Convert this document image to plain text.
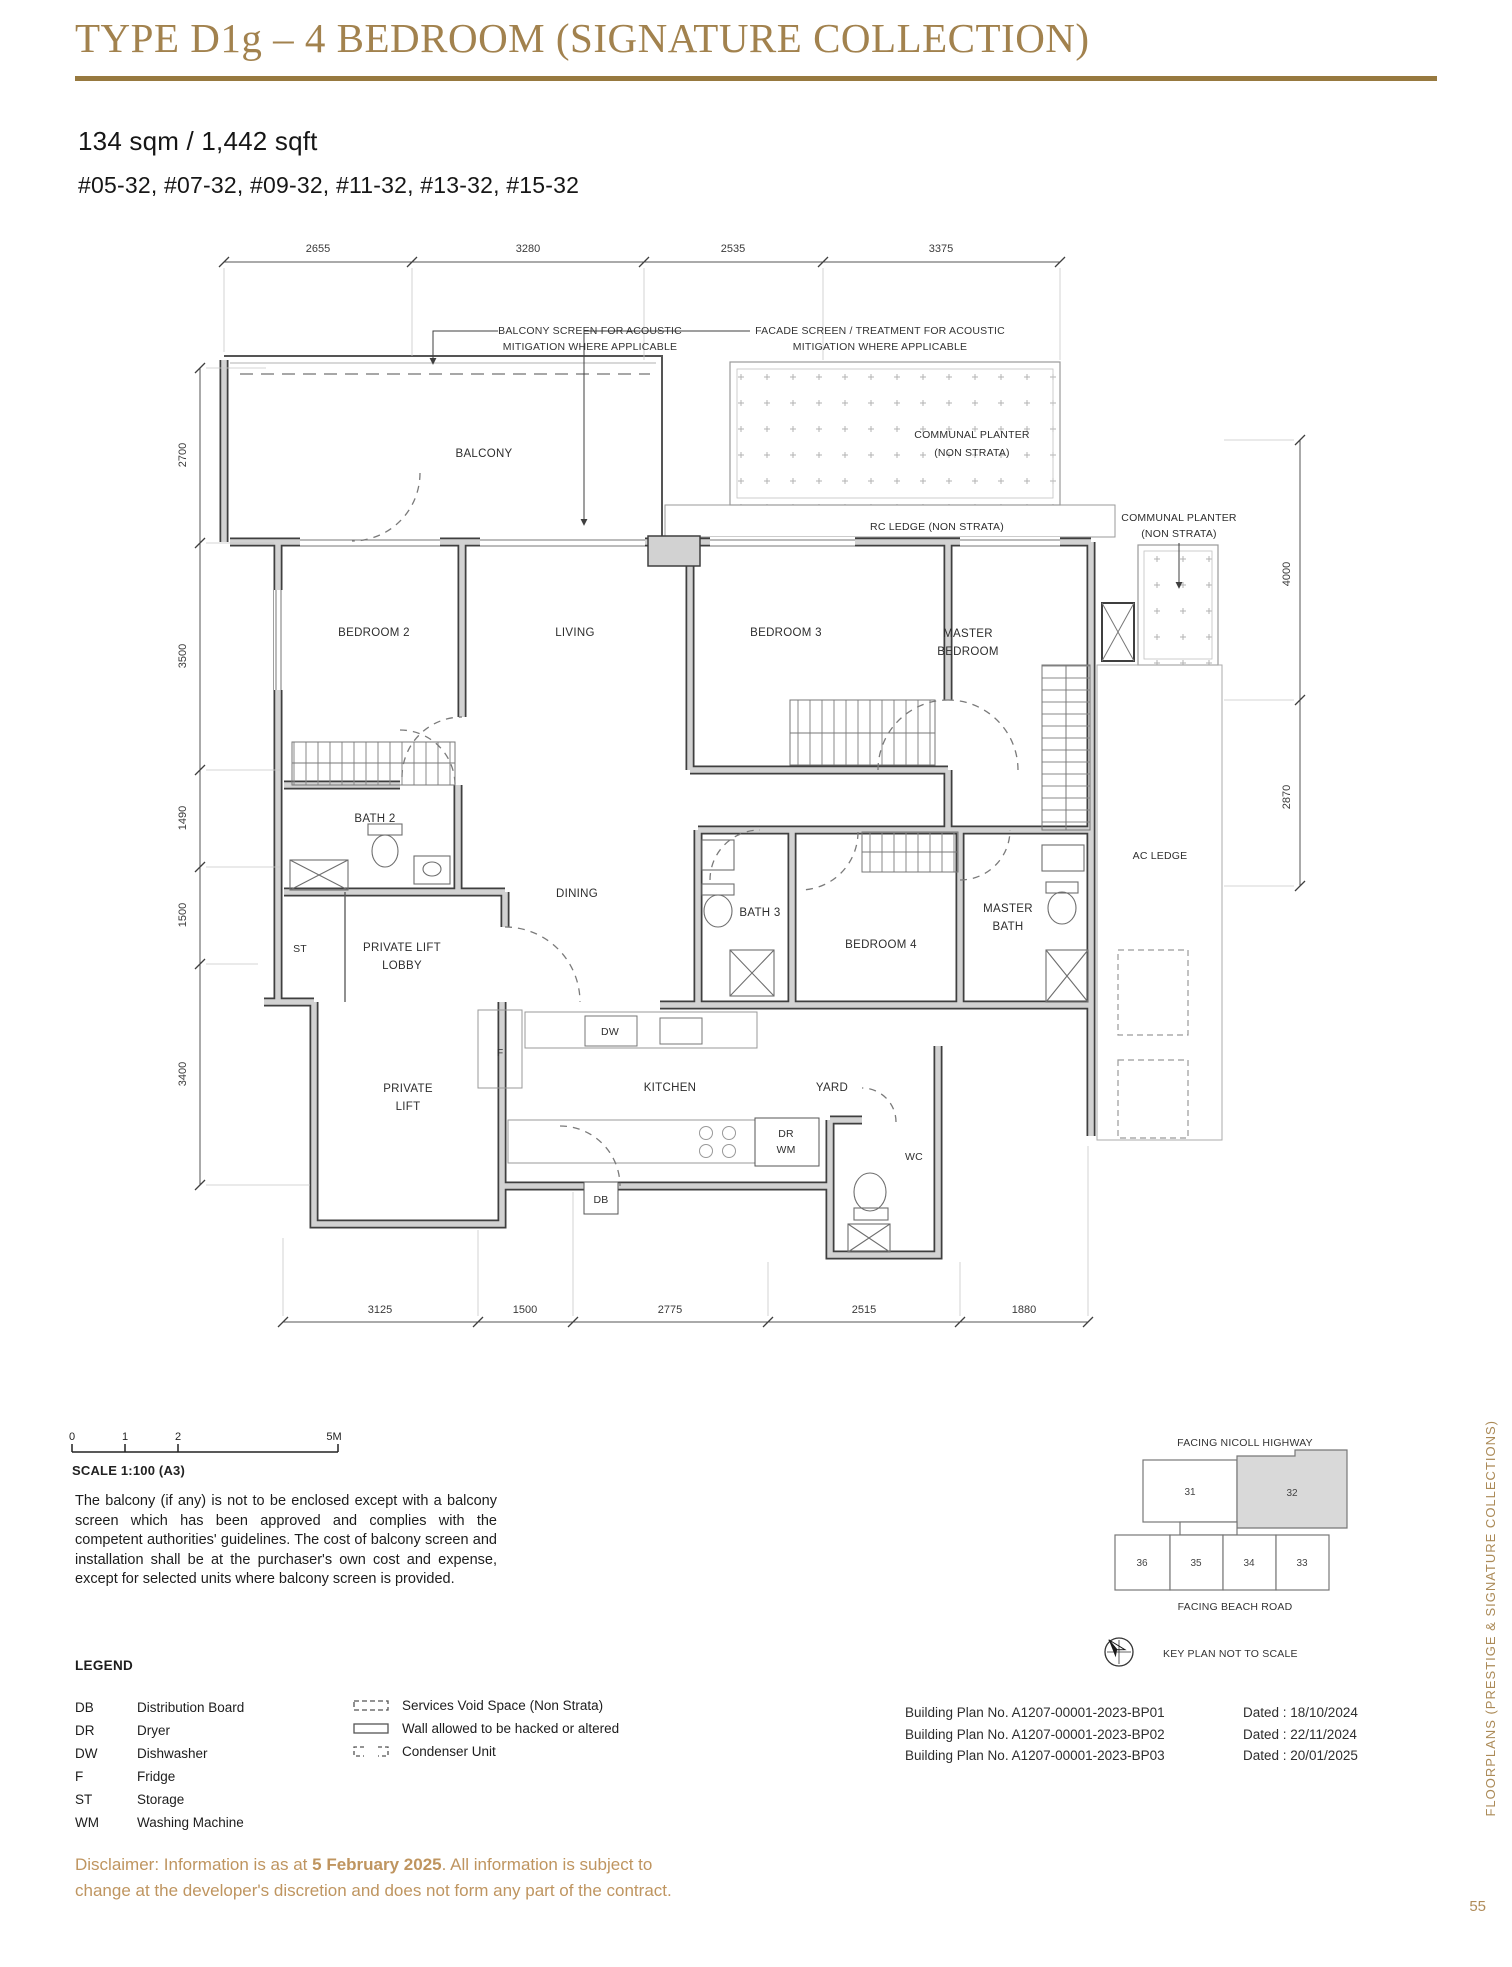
TYPE D1g – 4 BEDROOM (SIGNATURE COLLECTION)
134 sqm / 1,442 sqft
#05-32, #07-32, #09-32, #11-32, #13-32, #15-32
2655	3280	2535	3375
2700
3500
1490
1500
3400
4000
2870
3125	1500	2775	2515	1880
BALCONY SCREEN FOR ACOUSTIC
MITIGATION WHERE APPLICABLE
FACADE SCREEN / TREATMENT FOR ACOUSTIC
MITIGATION WHERE APPLICABLE
BALCONY
COMMUNAL PLANTER
(NON STRATA)
RC LEDGE (NON STRATA)
COMMUNAL PLANTER
(NON STRATA)
BEDROOM 2	LIVING	BEDROOM 3	MASTER
BEDROOM
BATH 2
DINING
BATH 3	MASTER
BATH
AC LEDGE
ST	PRIVATE LIFT
LOBBY
BEDROOM 4
PRIVATE
LIFT
F
DW
KITCHEN	YARD
DR
WM
WC
DB
0	1	2	5M
SCALE 1:100 (A3)
The balcony (if any) is not to be enclosed except with a balcony screen which has been approved and complies with the competent authorities' guidelines. The cost of balcony screen and installation shall be at the purchaser's own cost and expense, except for selected units where balcony screen is provided.
LEGEND
DB	Distribution Board
DR	Dryer
DW	Dishwasher
F	Fridge
ST	Storage
WM	Washing Machine
Services Void Space (Non Strata)
Wall allowed to be hacked or altered
Condenser Unit
FACING NICOLL HIGHWAY
31	32
36	35	34	33
FACING BEACH ROAD
KEY PLAN NOT TO SCALE
Building Plan No. A1207-00001-2023-BP01	Dated : 18/10/2024
Building Plan No. A1207-00001-2023-BP02	Dated : 22/11/2024
Building Plan No. A1207-00001-2023-BP03	Dated : 20/01/2025
Disclaimer: Information is as at 5 February 2025. All information is subject to
change at the developer's discretion and does not form any part of the contract.
FLOORPLANS (PRESTIGE & SIGNATURE COLLECTIONS)
55
